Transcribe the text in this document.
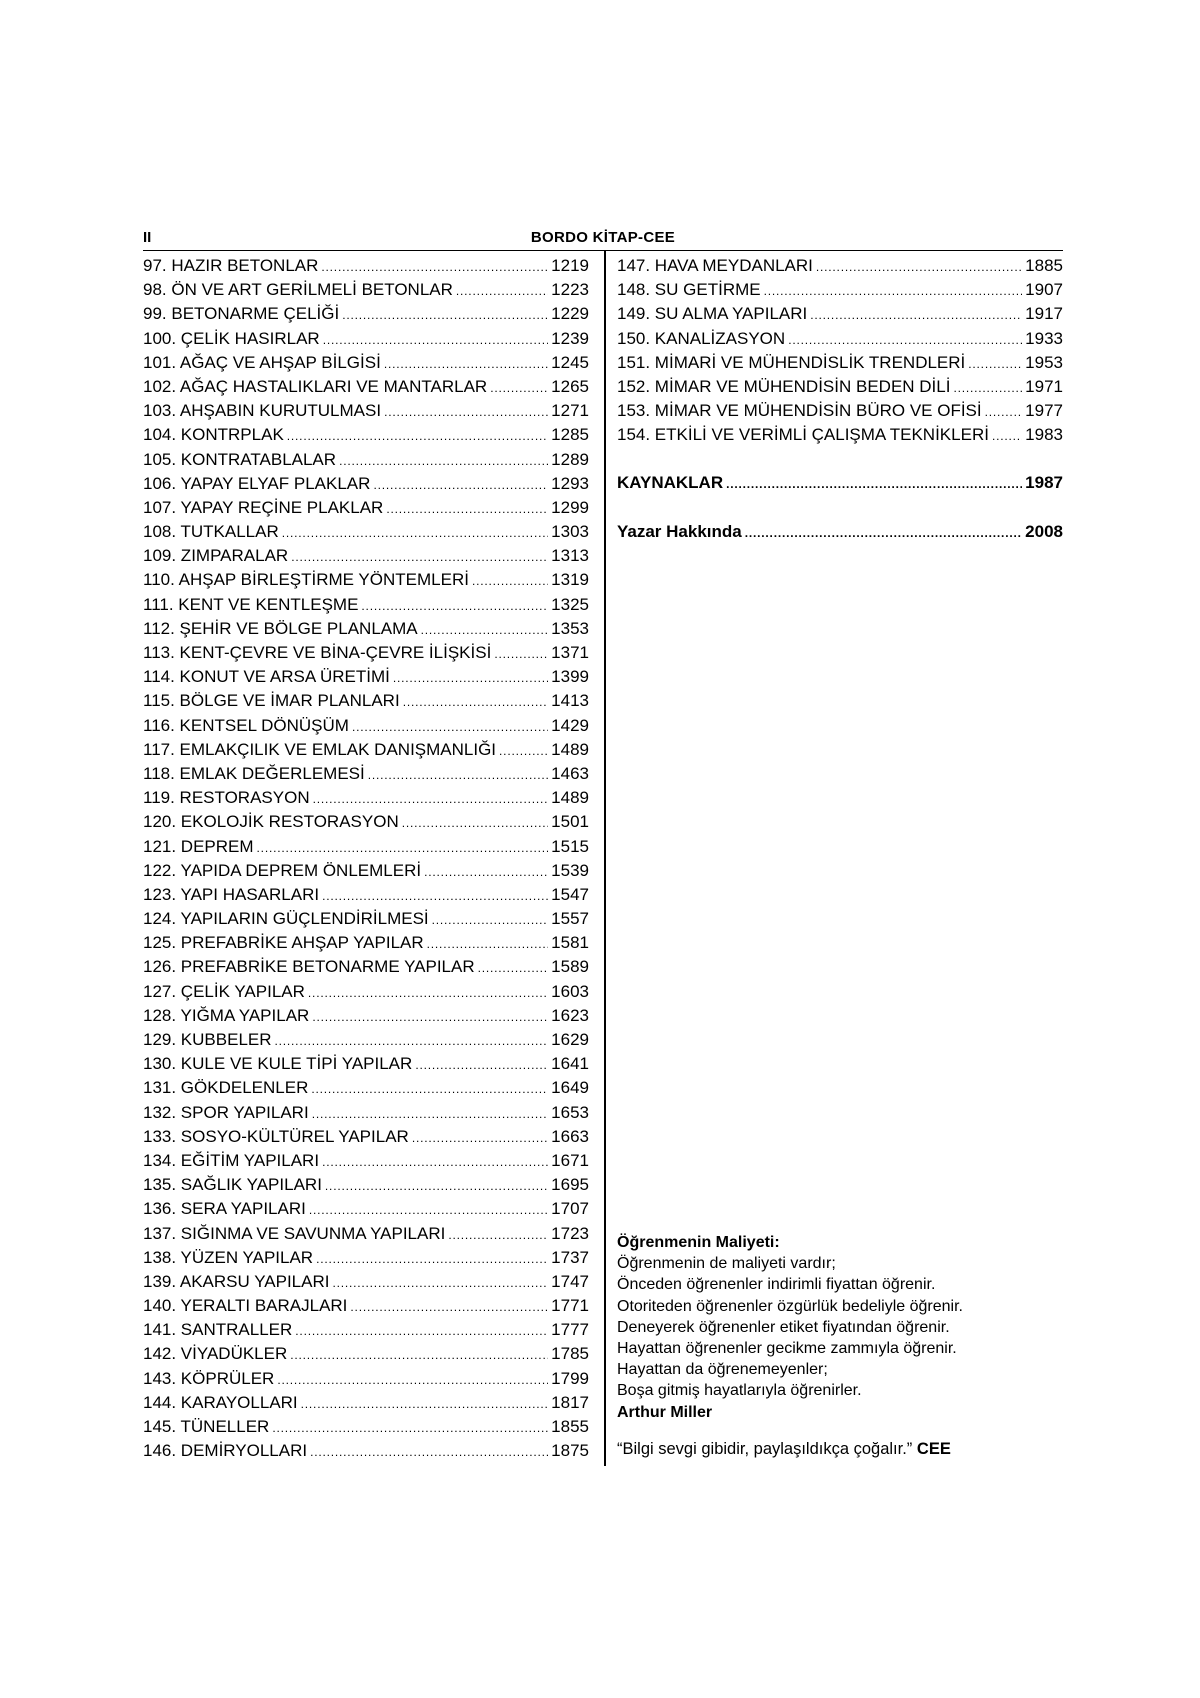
II	BORDO KİTAP-CEE
97. HAZIR BETONLAR .....	1219
98. ÖN VE ART GERİLMELİ BETONLAR .....	1223
99. BETONARME ÇELİĞİ .....	1229
100. ÇELİK HASIRLAR .....	1239
101. AĞAÇ VE AHŞAP BİLGİSİ .....	1245
102. AĞAÇ HASTALIKLARI VE MANTARLAR .....	1265
103. AHŞABIN KURUTULMASI .....	1271
104. KONTRPLAK .....	1285
105. KONTRATABLALAR .....	1289
106. YAPAY ELYAF PLAKLAR .....	1293
107. YAPAY REÇİNE PLAKLAR .....	1299
108. TUTKALLAR .....	1303
109. ZIMPARALAR .....	1313
110. AHŞAP BİRLEŞTİRME YÖNTEMLERİ .....	1319
111. KENT VE KENTLEŞME .....	1325
112. ŞEHİR VE BÖLGE PLANLAMA .....	1353
113. KENT-ÇEVRE VE BİNA-ÇEVRE İLİŞKİSİ .....	1371
114. KONUT VE ARSA ÜRETİMİ .....	1399
115. BÖLGE VE İMAR PLANLARI .....	1413
116. KENTSEL DÖNÜŞÜM .....	1429
117. EMLAKÇILIK VE EMLAK DANIŞMANLIĞI .....	1489
118. EMLAK DEĞERLEMESİ .....	1463
119. RESTORASYON .....	1489
120. EKOLOJİK RESTORASYON .....	1501
121. DEPREM .....	1515
122. YAPIDA DEPREM ÖNLEMLERİ .....	1539
123. YAPI HASARLARI .....	1547
124. YAPILARIN GÜÇLENDİRİLMESİ .....	1557
125. PREFABRİKE AHŞAP YAPILAR .....	1581
126. PREFABRİKE BETONARME YAPILAR .....	1589
127. ÇELİK YAPILAR .....	1603
128. YIĞMA YAPILAR .....	1623
129. KUBBELER .....	1629
130. KULE VE KULE TİPİ YAPILAR .....	1641
131. GÖKDELENLER .....	1649
132. SPOR YAPILARI .....	1653
133. SOSYO-KÜLTÜREL YAPILAR .....	1663
134. EĞİTİM YAPILARI .....	1671
135. SAĞLIK YAPILARI .....	1695
136. SERA YAPILARI .....	1707
137. SIĞINMA VE SAVUNMA YAPILARI .....	1723
138. YÜZEN YAPILAR .....	1737
139. AKARSU YAPILARI .....	1747
140. YERALTI BARAJLARI .....	1771
141. SANTRALLER .....	1777
142. VİYADÜKLER .....	1785
143. KÖPRÜLER .....	1799
144. KARAYOLLARI .....	1817
145. TÜNELLER .....	1855
146. DEMİRYOLLARI .....	1875
147. HAVA MEYDANLARI .....	1885
148. SU GETİRME .....	1907
149. SU ALMA YAPILARI .....	1917
150. KANALİZASYON .....	1933
151. MİMARİ VE MÜHENDİSLİK TRENDLERİ .....	1953
152. MİMAR VE MÜHENDİSİN BEDEN DİLİ .....	1971
153. MİMAR VE MÜHENDİSİN BÜRO VE OFİSİ .....	1977
154. ETKİLİ VE VERİMLİ ÇALIŞMA TEKNİKLERİ ..... 1983
KAYNAKLAR .....	1987
Yazar Hakkında .....	2008
Öğrenmenin Maliyeti:
Öğrenmenin de maliyeti vardır;
Önceden öğrenenler indirimli fiyattan öğrenir.
Otoriteden öğrenenler özgürlük bedeliyle öğrenir.
Deneyerek öğrenenler etiket fiyatından öğrenir.
Hayattan öğrenenler gecikme zammıyla öğrenir.
Hayattan da öğrenemeyenler;
Boşa gitmiş hayatlarıyla öğrenirler.
Arthur Miller
“Bilgi sevgi gibidir, paylaşıldıkça çoğalır.” CEE
